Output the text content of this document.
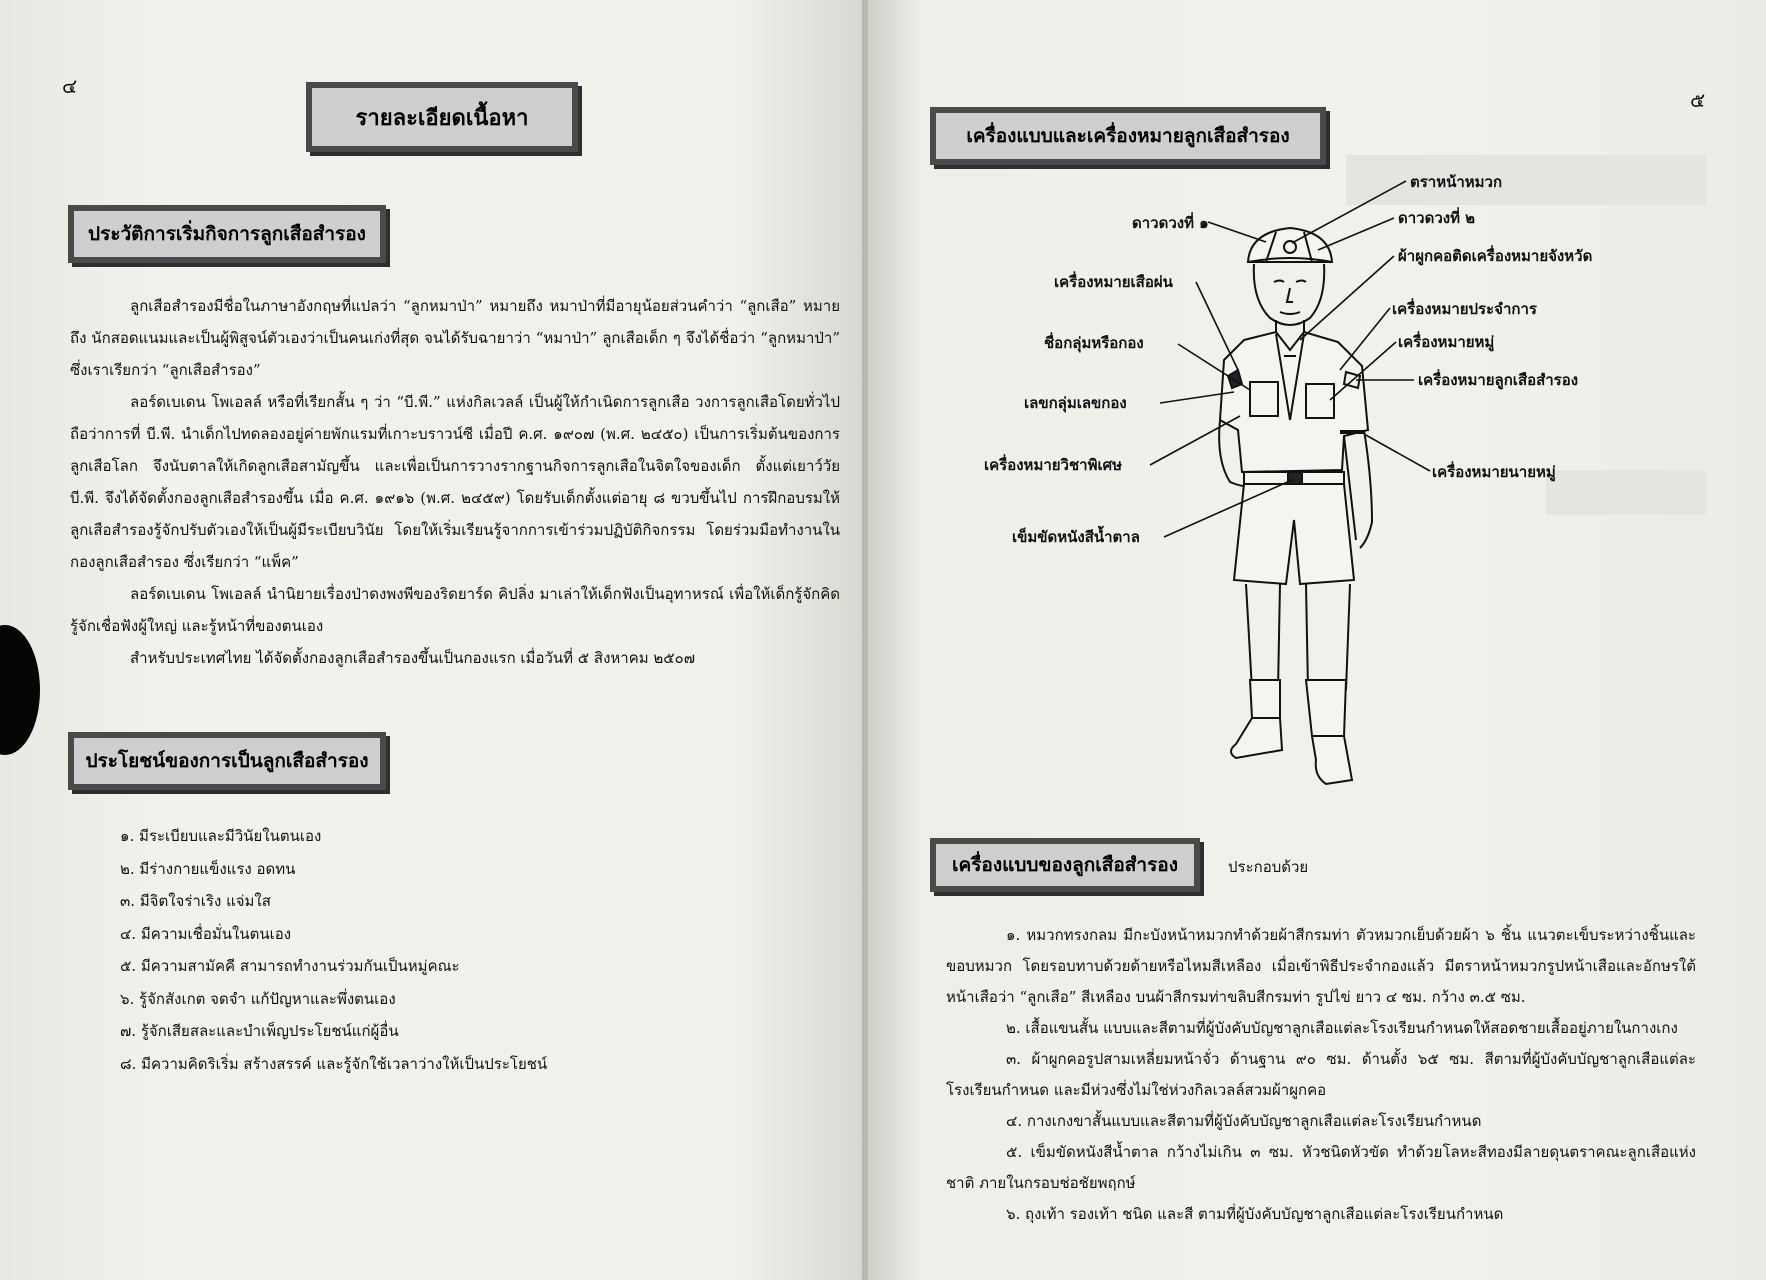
๔
รายละเอียดเนื้อหา
ประวัติการเริ่มกิจการลูกเสือสำรอง

ลูกเสือสำรองมีชื่อในภาษาอังกฤษที่แปลว่า “ลูกหมาป่า” หมายถึง หมาป่าที่มีอายุน้อยส่วนคำว่า “ลูกเสือ” หมายถึง นักสอดแนมและเป็นผู้พิสูจน์ตัวเองว่าเป็นคนเก่งที่สุด จนได้รับฉายาว่า “หมาป่า” ลูกเสือเด็ก ๆ จึงได้ชื่อว่า “ลูกหมาป่า” ซึ่งเราเรียกว่า “ลูกเสือสำรอง”

ลอร์ดเบเดน โพเอลล์ หรือที่เรียกสั้น ๆ ว่า “บี.พี.” แห่งกิลเวลล์ เป็นผู้ให้กำเนิดการลูกเสือ วงการลูกเสือโดยทั่วไปถือว่าการที่ บี.พี. นำเด็กไปทดลองอยู่ค่ายพักแรมที่เกาะบราวน์ซี เมื่อปี ค.ศ. ๑๙๐๗ (พ.ศ. ๒๔๕๐) เป็นการเริ่มต้นของการลูกเสือโลก จึงนับตาลให้เกิดลูกเสือสามัญขึ้น และเพื่อเป็นการวางรากฐานกิจการลูกเสือในจิตใจของเด็ก ตั้งแต่เยาว์วัย บี.พี. จึงได้จัดตั้งกองลูกเสือสำรองขึ้น เมื่อ ค.ศ. ๑๙๑๖ (พ.ศ. ๒๔๕๙) โดยรับเด็กตั้งแต่อายุ ๘ ขวบขึ้นไป การฝึกอบรมให้ลูกเสือสำรองรู้จักปรับตัวเองให้เป็นผู้มีระเบียบวินัย โดยให้เริ่มเรียนรู้จากการเข้าร่วมปฏิบัติกิจกรรม โดยร่วมมือทำงานในกองลูกเสือสำรอง ซึ่งเรียกว่า “แพ็ค”

ลอร์ดเบเดน โพเอลล์ นำนิยายเรื่องป่าดงพงพีของริดยาร์ด คิปลิ่ง มาเล่าให้เด็กฟังเป็นอุทาหรณ์ เพื่อให้เด็กรู้จักคิด รู้จักเชื่อฟังผู้ใหญ่ และรู้หน้าที่ของตนเอง

สำหรับประเทศไทย ได้จัดตั้งกองลูกเสือสำรองขึ้นเป็นกองแรก เมื่อวันที่ ๕ สิงหาคม ๒๕๐๗

ประโยชน์ของการเป็นลูกเสือสำรอง
๑. มีระเบียบและมีวินัยในตนเอง
๒. มีร่างกายแข็งแรง อดทน
๓. มีจิตใจร่าเริง แจ่มใส
๔. มีความเชื่อมั่นในตนเอง
๕. มีความสามัคคี สามารถทำงานร่วมกันเป็นหมู่คณะ
๖. รู้จักสังเกต จดจำ แก้ปัญหาและพึ่งตนเอง
๗. รู้จักเสียสละและบำเพ็ญประโยชน์แก่ผู้อื่น
๘. มีความคิดริเริ่ม สร้างสรรค์ และรู้จักใช้เวลาว่างให้เป็นประโยชน์
๕
เครื่องแบบและเครื่องหมายลูกเสือสำรอง
ดาวดวงที่ ๑
เครื่องหมายเสือผ่น
ชื่อกลุ่มหรือกอง
เลขกลุ่มเลขกอง
เครื่องหมายวิชาพิเศษ
เข็มขัดหนังสีน้ำตาล
ตราหน้าหมวก
ดาวดวงที่ ๒
ผ้าผูกคอติดเครื่องหมายจังหวัด
เครื่องหมายประจำการ
เครื่องหมายหมู่
เครื่องหมายลูกเสือสำรอง
เครื่องหมายนายหมู่
เครื่องแบบของลูกเสือสำรอง	ประกอบด้วย

๑. หมวกทรงกลม มีกะบังหน้าหมวกทำด้วยผ้าสีกรมท่า ตัวหมวกเย็บด้วยผ้า ๖ ชิ้น แนวตะเข็บระหว่างชิ้นและขอบหมวก โดยรอบทาบด้วยด้ายหรือไหมสีเหลือง เมื่อเข้าพิธีประจำกองแล้ว มีตราหน้าหมวกรูปหน้าเสือและอักษรใต้หน้าเสือว่า “ลูกเสือ” สีเหลือง บนผ้าสีกรมท่าขลิบสีกรมท่า รูปไข่ ยาว ๔ ซม. กว้าง ๓.๕ ซม.

๒. เสื้อแขนสั้น แบบและสีตามที่ผู้บังคับบัญชาลูกเสือแต่ละโรงเรียนกำหนดให้สอดชายเสื้ออยู่ภายในกางเกง

๓. ผ้าผูกคอรูปสามเหลี่ยมหน้าจั่ว ด้านฐาน ๙๐ ซม. ด้านตั้ง ๖๕ ซม. สีตามที่ผู้บังคับบัญชาลูกเสือแต่ละโรงเรียนกำหนด และมีห่วงซึ่งไม่ใช่ห่วงกิลเวลล์สวมผ้าผูกคอ

๔. กางเกงขาสั้นแบบและสีตามที่ผู้บังคับบัญชาลูกเสือแต่ละโรงเรียนกำหนด

๕. เข็มขัดหนังสีน้ำตาล กว้างไม่เกิน ๓ ซม. หัวชนิดหัวขัด ทำด้วยโลหะสีทองมีลายดุนตราคณะลูกเสือแห่งชาติ ภายในกรอบช่อชัยพฤกษ์

๖. ถุงเท้า รองเท้า ชนิด และสี ตามที่ผู้บังคับบัญชาลูกเสือแต่ละโรงเรียนกำหนด
